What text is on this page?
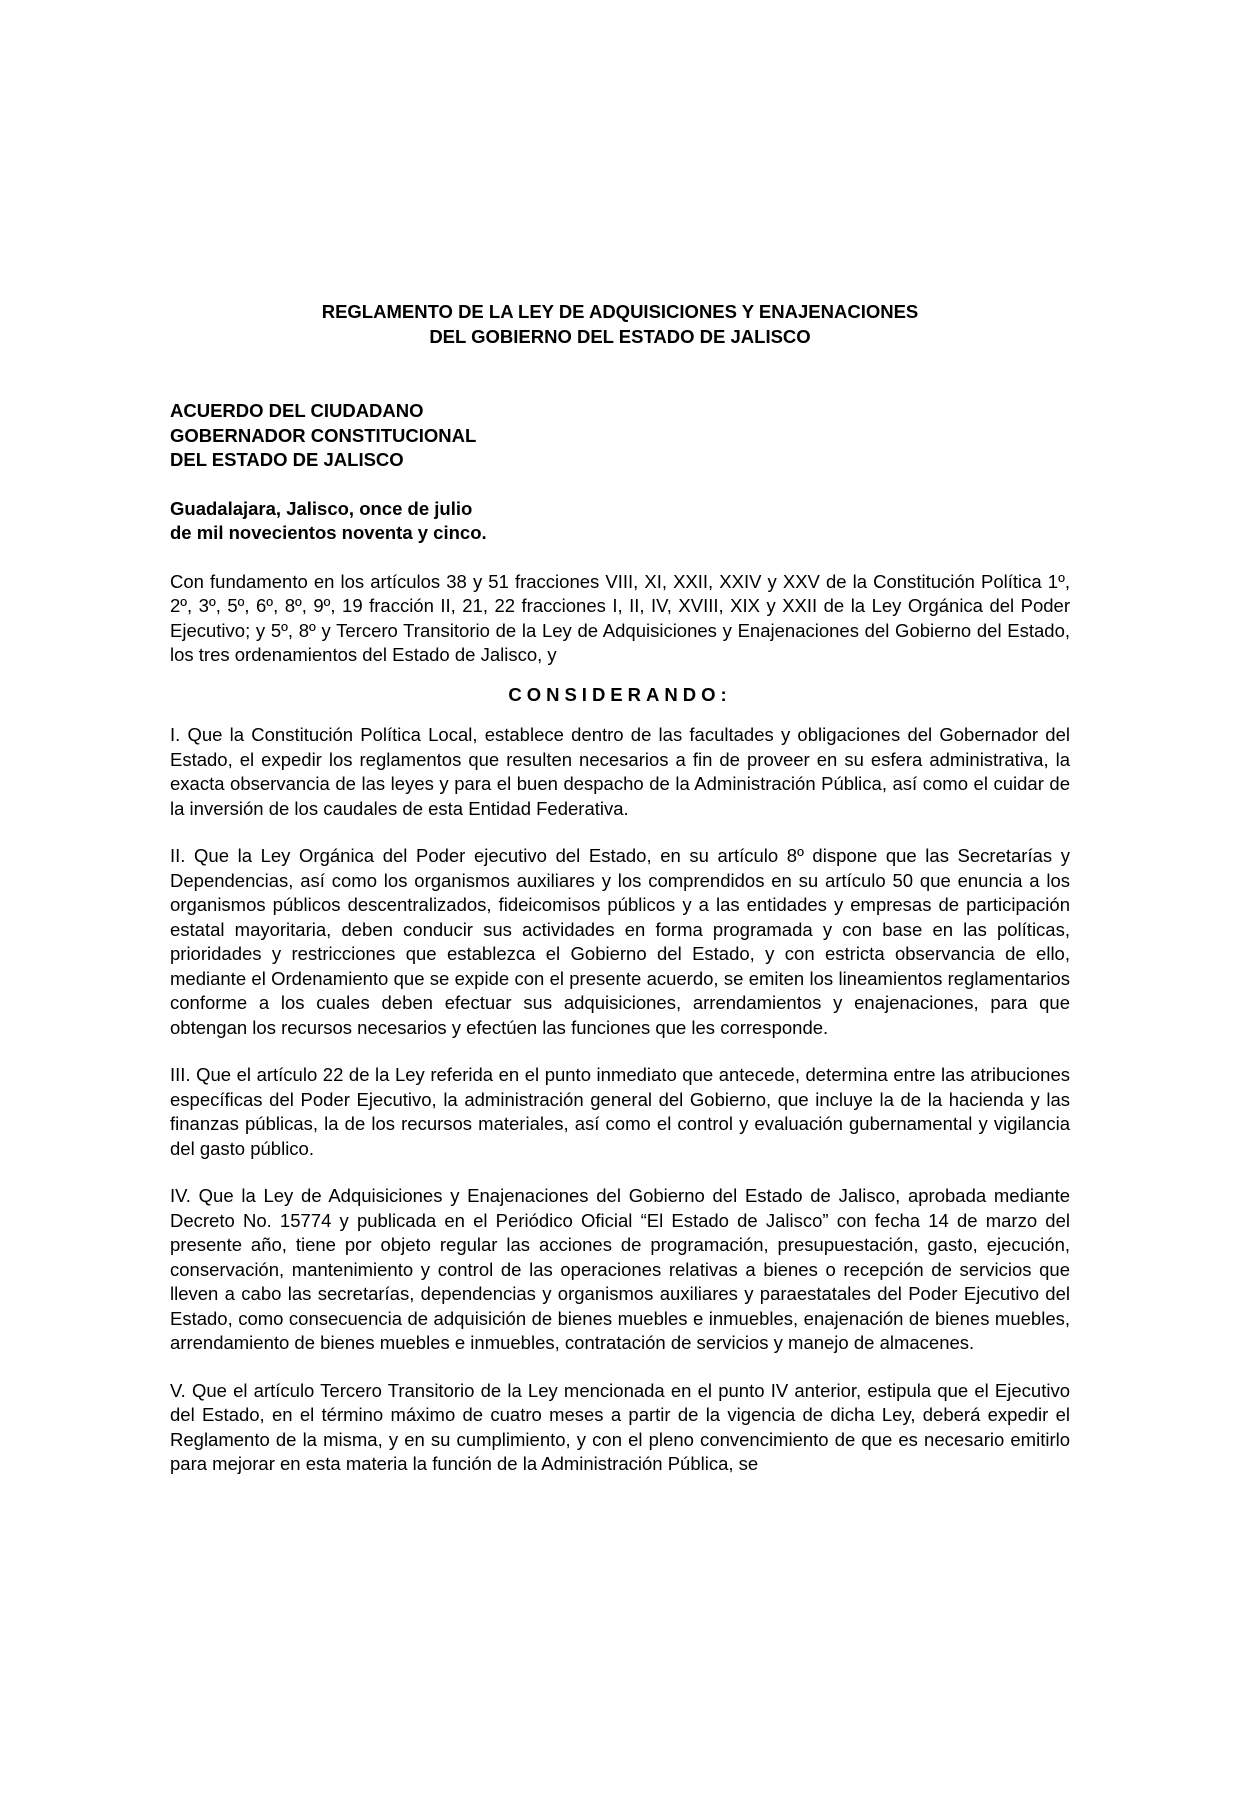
REGLAMENTO DE LA LEY DE ADQUISICIONES Y ENAJENACIONES
DEL GOBIERNO DEL ESTADO DE JALISCO
ACUERDO DEL CIUDADANO
GOBERNADOR CONSTITUCIONAL
DEL ESTADO DE JALISCO
Guadalajara, Jalisco, once de julio
de mil novecientos noventa y cinco.

Con fundamento en los artículos 38 y 51 fracciones VIII, XI, XXII, XXIV y XXV de la Constitución Política 1º, 2º, 3º, 5º, 6º, 8º, 9º, 19 fracción II, 21, 22 fracciones I, II, IV, XVIII, XIX y XXII de la Ley Orgánica del Poder Ejecutivo; y 5º, 8º y Tercero Transitorio de la Ley de Adquisiciones y Enajenaciones del Gobierno del Estado, los tres ordenamientos del Estado de Jalisco, y

CONSIDERANDO:

I. Que la Constitución Política Local, establece dentro de las facultades y obligaciones del Gobernador del Estado, el expedir los reglamentos que resulten necesarios a fin de proveer en su esfera administrativa, la exacta observancia de las leyes y para el buen despacho de la Administración Pública, así como el cuidar de la inversión de los caudales de esta Entidad Federativa.

II. Que la Ley Orgánica del Poder ejecutivo del Estado, en su artículo 8º dispone que las Secretarías y Dependencias, así como los organismos auxiliares y los comprendidos en su artículo 50 que enuncia a los organismos públicos descentralizados, fideicomisos públicos y a las entidades y empresas de participación estatal mayoritaria, deben conducir sus actividades en forma programada y con base en las políticas, prioridades y restricciones que establezca el Gobierno del Estado, y con estricta observancia de ello, mediante el Ordenamiento que se expide con el presente acuerdo, se emiten los lineamientos reglamentarios conforme a los cuales deben efectuar sus adquisiciones, arrendamientos y enajenaciones, para que obtengan los recursos necesarios y efectúen las funciones que les corresponde.

III. Que el artículo 22 de la Ley referida en el punto inmediato que antecede, determina entre las atribuciones específicas del Poder Ejecutivo, la administración general del Gobierno, que incluye la de la hacienda y las finanzas públicas, la de los recursos materiales, así como el control y evaluación gubernamental y vigilancia del gasto público.

IV. Que la Ley de Adquisiciones y Enajenaciones del Gobierno del Estado de Jalisco, aprobada mediante Decreto No. 15774 y publicada en el Periódico Oficial “El Estado de Jalisco” con fecha 14 de marzo del presente año, tiene por objeto regular las acciones de programación, presupuestación, gasto, ejecución, conservación, mantenimiento y control de las operaciones relativas a bienes o recepción de servicios que lleven a cabo las secretarías, dependencias y organismos auxiliares y paraestatales del Poder Ejecutivo del Estado, como consecuencia de adquisición de bienes muebles e inmuebles, enajenación de bienes muebles, arrendamiento de bienes muebles e inmuebles, contratación de servicios y manejo de almacenes.

V. Que el artículo Tercero Transitorio de la Ley mencionada en el punto IV anterior, estipula que el Ejecutivo del Estado, en el término máximo de cuatro meses a partir de la vigencia de dicha Ley, deberá expedir el Reglamento de la misma, y en su cumplimiento, y con el pleno convencimiento de que es necesario emitirlo para mejorar en esta materia la función de la Administración Pública, se
